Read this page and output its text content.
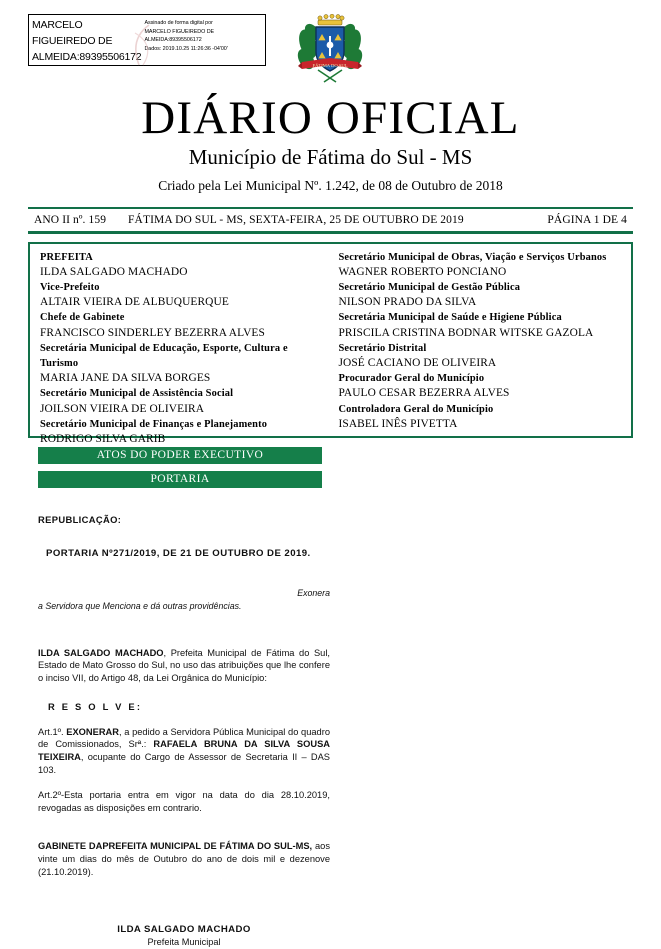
MARCELO FIGUEIREDO DE ALMEIDA:89395506172
Assinado de forma digital por
MARCELO FIGUEIREDO DE
ALMEIDA:89395506172
Dados: 2019.10.25 11:26:36 -04'00'
FÁTIMA DO SUL
DIÁRIO OFICIAL
Município de Fátima do Sul - MS
Criado pela Lei Municipal Nº. 1.242, de 08 de Outubro de 2018
ANO II nº. 159	FÁTIMA DO SUL - MS, SEXTA-FEIRA, 25 DE OUTUBRO DE 2019	PÁGINA 1 DE 4
PREFEITA
ILDA SALGADO MACHADO
Vice-Prefeito
ALTAIR VIEIRA DE ALBUQUERQUE
Chefe de Gabinete
FRANCISCO SINDERLEY BEZERRA ALVES
Secretária Municipal de Educação, Esporte, Cultura e Turismo
MARIA JANE DA SILVA BORGES
Secretário Municipal de Assistência Social
JOILSON VIEIRA DE OLIVEIRA
Secretário Municipal de Finanças e Planejamento
RODRIGO SILVA GARIB
Secretário Municipal de Obras, Viação e Serviços Urbanos
WAGNER ROBERTO PONCIANO
Secretário Municipal de Gestão Pública
NILSON PRADO DA SILVA
Secretária Municipal de Saúde e Higiene Pública
PRISCILA CRISTINA BODNAR WITSKE GAZOLA
Secretário Distrital
JOSÉ CACIANO DE OLIVEIRA
Procurador Geral do Município
PAULO CESAR BEZERRA ALVES
Controladora Geral do Município
ISABEL INÊS PIVETTA
ATOS DO PODER EXECUTIVO
PORTARIA

REPUBLICAÇÃO:

PORTARIA Nº271/2019, DE 21 DE OUTUBRO DE 2019.

Exonera
a Servidora que Menciona e dá outras providências.

ILDA SALGADO MACHADO, Prefeita Municipal de Fátima do Sul, Estado de Mato Grosso do Sul, no uso das atribuições que lhe confere o inciso VII, do Artigo 48, da Lei Orgânica do Município:

R E S O L V E:

Art.1º. EXONERAR, a pedido a Servidora Pública Municipal do quadro de Comissionados, Srª.: RAFAELA BRUNA DA SILVA SOUSA TEIXEIRA, ocupante do Cargo de Assessor de Secretaria II – DAS 103.

Art.2º-Esta portaria entra em vigor na data do dia 28.10.2019, revogadas as disposições em contrario.

GABINETE DAPREFEITA MUNICIPAL DE FÁTIMA DO SUL-MS, aos vinte um dias do mês de Outubro do ano de dois mil e dezenove (21.10.2019).

ILDA SALGADO MACHADO
Prefeita Municipal
